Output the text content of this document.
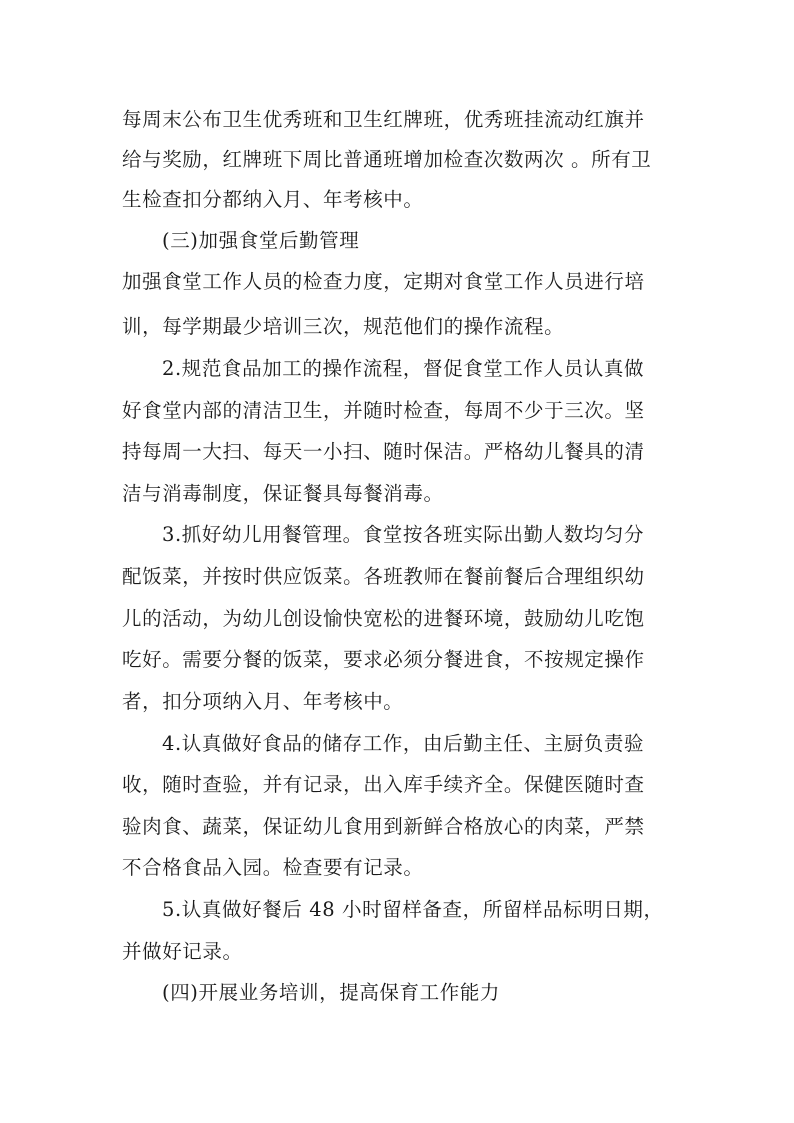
每周末公布卫生优秀班和卫生红牌班，优秀班挂流动红旗并
给与奖励，红牌班下周比普通班增加检查次数两次 。所有卫
生检查扣分都纳入月、年考核中。
(三)加强食堂后勤管理
加强食堂工作人员的检查力度，定期对食堂工作人员进行培
训，每学期最少培训三次，规范他们的操作流程。
2.规范食品加工的操作流程，督促食堂工作人员认真做
好食堂内部的清洁卫生，并随时检查，每周不少于三次。坚
持每周一大扫、每天一小扫、随时保洁。严格幼儿餐具的清
洁与消毒制度，保证餐具每餐消毒。
3.抓好幼儿用餐管理。食堂按各班实际出勤人数均匀分
配饭菜，并按时供应饭菜。各班教师在餐前餐后合理组织幼
儿的活动，为幼儿创设愉快宽松的进餐环境，鼓励幼儿吃饱
吃好。需要分餐的饭菜，要求必须分餐进食，不按规定操作
者，扣分项纳入月、年考核中。
4.认真做好食品的储存工作，由后勤主任、主厨负责验
收，随时查验，并有记录，出入库手续齐全。保健医随时查
验肉食、蔬菜，保证幼儿食用到新鲜合格放心的肉菜，严禁
不合格食品入园。检查要有记录。
5.认真做好餐后 48 小时留样备查，所留样品标明日期，
并做好记录。
(四)开展业务培训，提高保育工作能力
